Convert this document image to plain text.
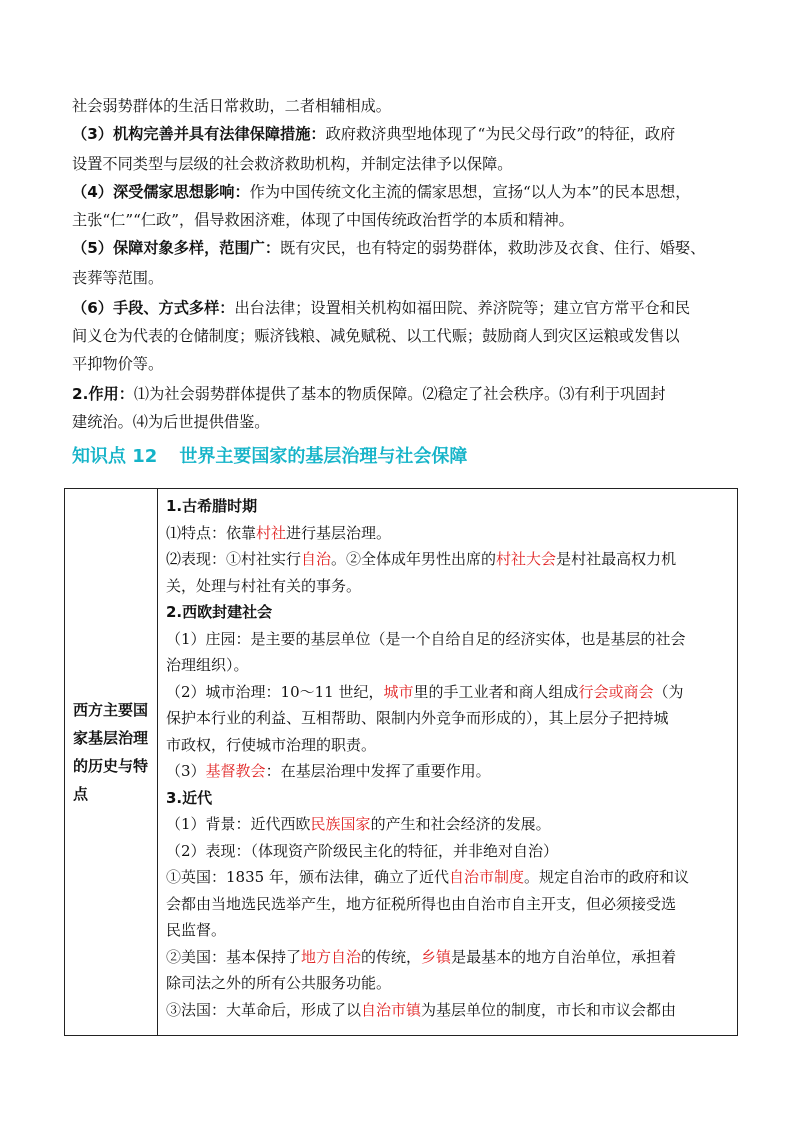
社会弱势群体的生活日常救助，二者相辅相成。
（3）机构完善并具有法律保障措施：政府救济典型地体现了“为民父母行政”的特征，政府
设置不同类型与层级的社会救济救助机构，并制定法律予以保障。
（4）深受儒家思想影响：作为中国传统文化主流的儒家思想，宣扬“以人为本”的民本思想，
主张“仁”“仁政”，倡导救困济难，体现了中国传统政治哲学的本质和精神。
（5）保障对象多样，范围广：既有灾民，也有特定的弱势群体，救助涉及衣食、住行、婚娶、
丧葬等范围。
（6）手段、方式多样：出台法律；设置相关机构如福田院、养济院等；建立官方常平仓和民
间义仓为代表的仓储制度；赈济钱粮、减免赋税、以工代赈；鼓励商人到灾区运粮或发售以
平抑物价等。
2.作用：⑴为社会弱势群体提供了基本的物质保障。⑵稳定了社会秩序。⑶有利于巩固封
建统治。⑷为后世提供借鉴。
知识点 12 世界主要国家的基层治理与社会保障
西方主要国家基层治理的历史与特点

1.古希腊时期
⑴特点：依靠村社进行基层治理。
⑵表现：①村社实行自治。②全体成年男性出席的村社大会是村社最高权力机
关，处理与村社有关的事务。
2.西欧封建社会
（1）庄园：是主要的基层单位（是一个自给自足的经济实体，也是基层的社会
治理组织）。
（2）城市治理：10～11 世纪，城市里的手工业者和商人组成行会或商会（为
保护本行业的利益、互相帮助、限制内外竞争而形成的），其上层分子把持城
市政权，行使城市治理的职责。
（3）基督教会：在基层治理中发挥了重要作用。
3.近代
（1）背景：近代西欧民族国家的产生和社会经济的发展。
（2）表现：（体现资产阶级民主化的特征，并非绝对自治）
①英国：1835 年，颁布法律，确立了近代自治市制度。规定自治市的政府和议
会都由当地选民选举产生，地方征税所得也由自治市自主开支，但必须接受选
民监督。
②美国：基本保持了地方自治的传统，乡镇是最基本的地方自治单位，承担着
除司法之外的所有公共服务功能。
③法国：大革命后，形成了以自治市镇为基层单位的制度，市长和市议会都由
